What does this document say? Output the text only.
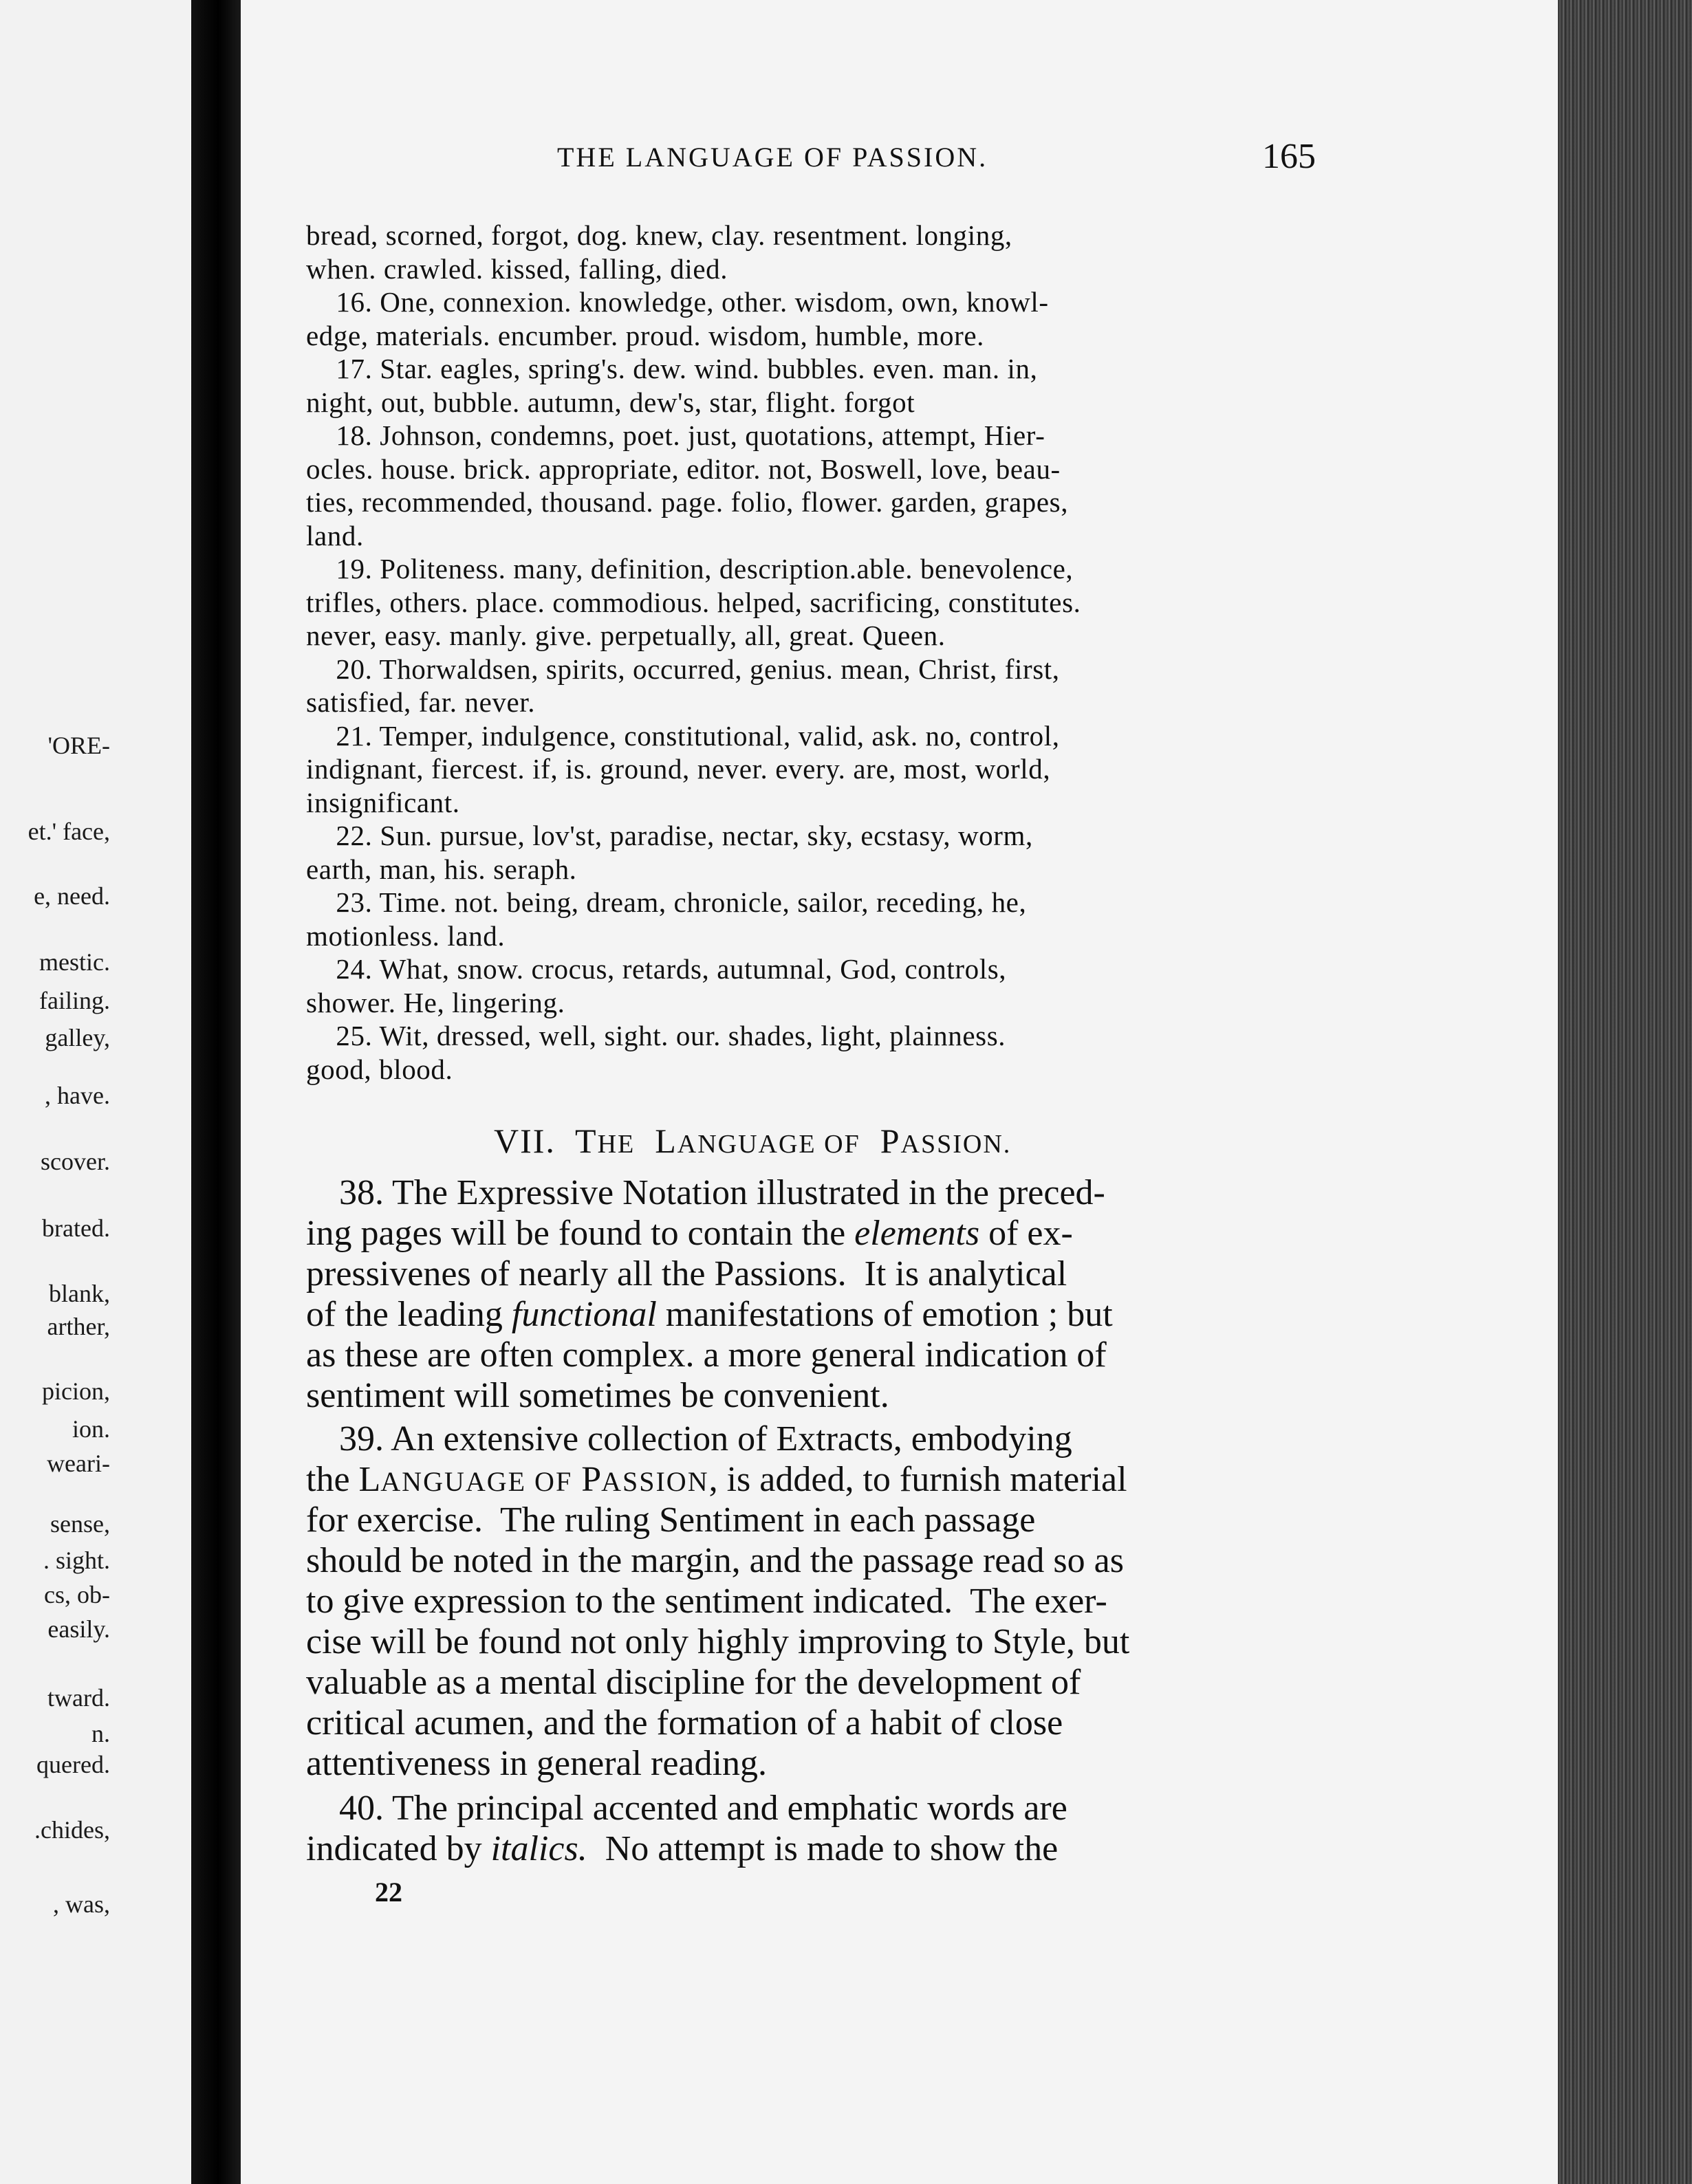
'ORE-
et.' face,
e, need.
mestic.
failing.
galley,
, have.
scover.
brated.
blank,
arther,
picion,
ion.
weari-
sense,
. sight.
cs, ob-
easily.
tward.
n.
quered.
.chides,
, was,
THE LANGUAGE OF PASSION.	165
bread, scorned, forgot, dog. knew, clay. resentment. longing,
when. crawled. kissed, falling, died.
16. One, connexion. knowledge, other. wisdom, own, knowl-
edge, materials. encumber. proud. wisdom, humble, more.
17. Star. eagles, spring's. dew. wind. bubbles. even. man. in,
night, out, bubble. autumn, dew's, star, flight. forgot
18. Johnson, condemns, poet. just, quotations, attempt, Hier-
ocles. house. brick. appropriate, editor. not, Boswell, love, beau-
ties, recommended, thousand. page. folio, flower. garden, grapes,
land.
19. Politeness. many, definition, description.able. benevolence,
trifles, others. place. commodious. helped, sacrificing, constitutes.
never, easy. manly. give. perpetually, all, great. Queen.
20. Thorwaldsen, spirits, occurred, genius. mean, Christ, first,
satisfied, far. never.
21. Temper, indulgence, constitutional, valid, ask. no, control,
indignant, fiercest. if, is. ground, never. every. are, most, world,
insignificant.
22. Sun. pursue, lov'st, paradise, nectar, sky, ecstasy, worm,
earth, man, his. seraph.
23. Time. not. being, dream, chronicle, sailor, receding, he,
motionless. land.
24. What, snow. crocus, retards, autumnal, God, controls,
shower. He, lingering.
25. Wit, dressed, well, sight. our. shades, light, plainness.
good, blood.
VII. THE LANGUAGE OF PASSION.
38. The Expressive Notation illustrated in the preced-
ing pages will be found to contain the elements of ex-
pressivenes of nearly all the Passions.  It is analytical
of the leading functional manifestations of emotion ; but
as these are often complex. a more general indication of
sentiment will sometimes be convenient.
39. An extensive collection of Extracts, embodying
the LANGUAGE OF PASSION, is added, to furnish material
for exercise.  The ruling Sentiment in each passage
should be noted in the margin, and the passage read so as
to give expression to the sentiment indicated.  The exer-
cise will be found not only highly improving to Style, but
valuable as a mental discipline for the development of
critical acumen, and the formation of a habit of close
attentiveness in general reading.
40. The principal accented and emphatic words are
indicated by italics.  No attempt is made to show the
22
